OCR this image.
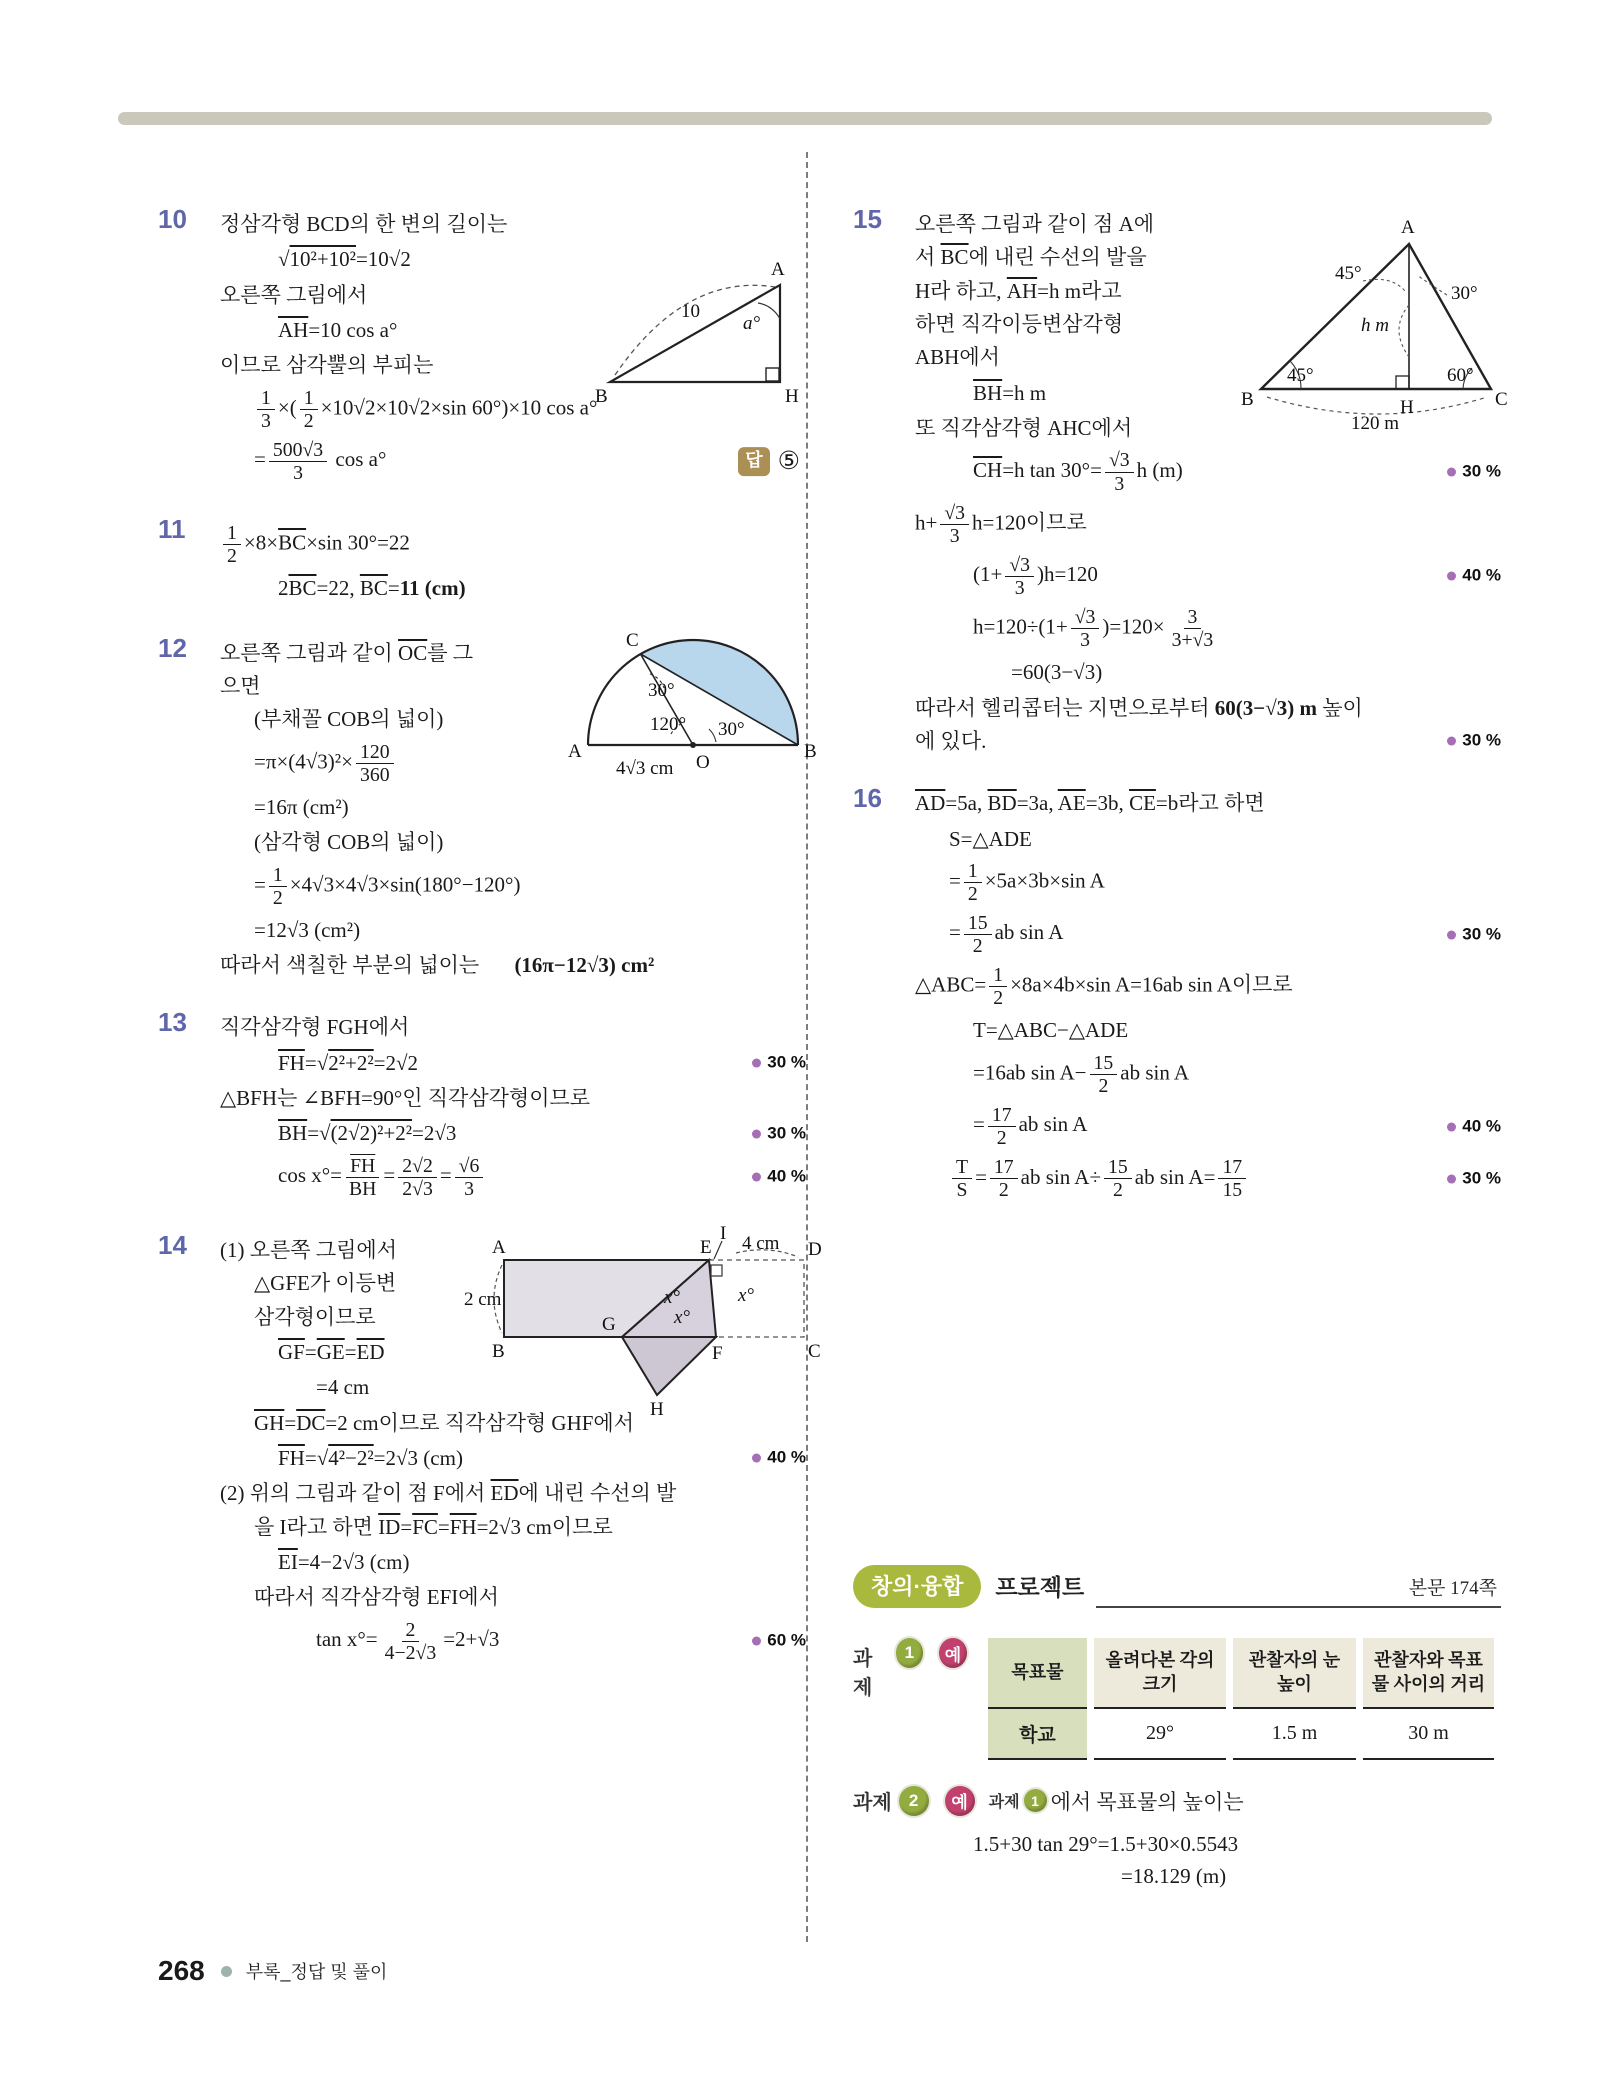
10	정삼각형 BCD의 한 변의 길이는
√10²+10²=10√2
오른쪽 그림에서
$\overline{AH}=10$ cos a°
이므로 삼각뿔의 부피는
$\frac{1}{3}$ ×( $\frac{1}{2} \times 10√2\times 10√2\times\sin$ 60°)×10 cos a°
= $\frac{500√3}{3}$ cos a°	답 ⑤
A
B	H
10
a°
11	$\frac{1}{2} \times 8\times\overline{BC}\times\sin$ 30°=22
$2\overline{BC}=22$, $\overline{BC}=11$ (cm)
12	오른쪽 그림과 같이 $\overline{OC}$를 그
으면
(부채꼴 COB의 넓이)
$=\pi\times(4√3)^2\times \frac{120}{360}$
=16π (cm²)
(삼각형 COB의 넓이)
= $\frac{1}{2} \times 4√3\times 4√3\times\sin(180^\circ-120^\circ)$
=12√3 (cm²)
따라서 색칠한 부분의 넓이는 (16π−12√3) cm²
C
A	B
O
30°
120° 30°
4√3 cm
13	직각삼각형 FGH에서
$\overline{FH}=√2^2+2^2=2√2$	30 %
△BFH는 ∠BFH=90°인 직각삼각형이므로
$\overline{BH}=√(2√2)^2+2^2=2√3$	30 %
$\cos x^\circ= \frac{\overline{FH}}{BH} = \frac{2√2}{2√3} = \frac{√6}{3}$	40 %
14	(1) 오른쪽 그림에서
△GFE가 이등변
삼각형이므로
$\overline{GF}=\overline{GE}=\overline{ED}$
=4 cm
$\overline{GH}=\overline{DC}=2$ cm이므로 직각삼각형 GHF에서
$\overline{FH}=√4^2-2^2=2√3$ (cm)	40 %
(2) 위의 그림과 같이 점 F에서 $\overline{ED}$에 내린 수선의 발
을 I라고 하면 $\overline{ID}=\overline{FC}=\overline{FH}=2√3$ cm이므로
$\overline{EI}=4-2√3$ (cm)
따라서 직각삼각형 EFI에서
$\tan x^\circ= \frac{2}{4-2√3} =2+√3$	60 %
A	E
I
D
B
G
F	C
H
4 cm
2 cm	x°
x°
x°
15	오른쪽 그림과 같이 점 A에
서 $\overline{BC}$에 내린 수선의 발을
H라 하고, $\overline{AH}=h$ m라고
하면 직각이등변삼각형
ABH에서
$\overline{BH}=h$ m
또 직각삼각형 AHC에서
$\overline{CH}=h$ $\tan 30^\circ= \frac{√3}{3}$ h (m)	30 %
$h+ \frac{√3}{3} h=120$이므로
$(1+ \frac{√3}{3} )h=120$	40 %
$h=120\div(1+ \frac{√3}{3} )=120\times \frac{3}{3+√3}$
=60(3−√3)
따라서 헬리콥터는 지면으로부터 60(3−√3) m 높이
에 있다.	30 %
A
B	C
H
45°
30°
45°	60°
h m
120 m
16	$\overline{AD}=5a$, $\overline{BD}=3a$, $\overline{AE}=3b$, $\overline{CE}=b$라고 하면
S=△ADE
= $\frac{1}{2} \times 5a\times 3b\times\sin$ A
= $\frac{15}{2}$ ab sin A	30 %
△ABC= $\frac{1}{2} \times 8a\times 4b\times\sin$ A=16ab sin A이므로
T=△ABC−△ADE
=16ab $\sin A- \frac{15}{2}$ ab sin A
= $\frac{17}{2}$ ab sin A	40 %
$\frac{T}{S} = \frac{17}{2}$ ab $\sin A\div \frac{15}{2}$ ab $\sin A= \frac{17}{15}$	30 %
창의·융합	프로젝트	본문 174쪽
과제
1	예
목표물	올려다본 각의 크기	관찰자의 눈높이	관찰자와 목표물 사이의 거리
학교	29°	1.5 m	30 m
과제	2	예	과제 1 에서 목표물의 높이는
1.5+30 tan 29°=1.5+30×0.5543
=18.129 (m)
268 부록_정답 및 풀이
